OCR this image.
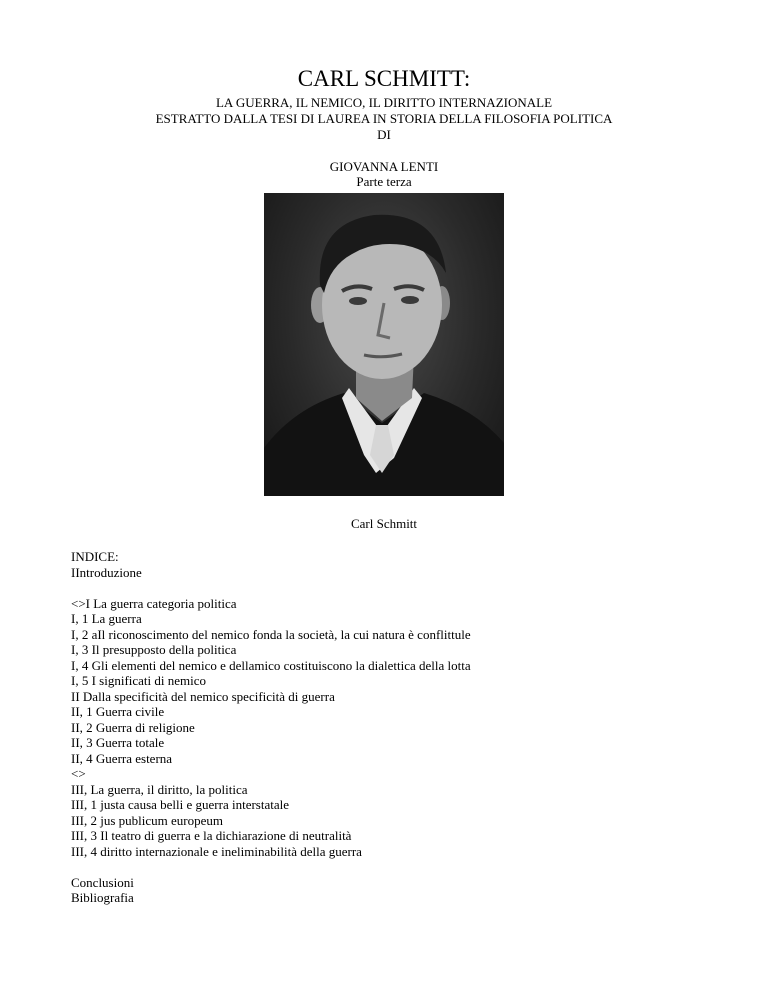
CARL SCHMITT:
LA GUERRA, IL NEMICO, IL DIRITTO INTERNAZIONALE
ESTRATTO DALLA TESI DI LAUREA IN STORIA DELLA FILOSOFIA POLITICA
DI
GIOVANNA LENTI
Parte terza
Carl Schmitt
INDICE:
IIntroduzione
<>I La guerra categoria politica
I, 1 La guerra
I, 2 aIl riconoscimento del nemico fonda la società, la cui natura è conflittule
I, 3 Il presupposto della politica
I, 4 Gli elementi del nemico e dellamico costituiscono la dialettica della lotta
I, 5 I significati di nemico
II Dalla specificità del nemico specificità di guerra
II, 1 Guerra civile
II, 2 Guerra di religione
II, 3 Guerra totale
II, 4 Guerra esterna
<>
III, La guerra, il diritto, la politica
III, 1 justa causa belli e guerra interstatale
III, 2 jus publicum europeum
III, 3 Il teatro di guerra e la dichiarazione di neutralità
III, 4 diritto internazionale e ineliminabilità della guerra
Conclusioni
Bibliografia
